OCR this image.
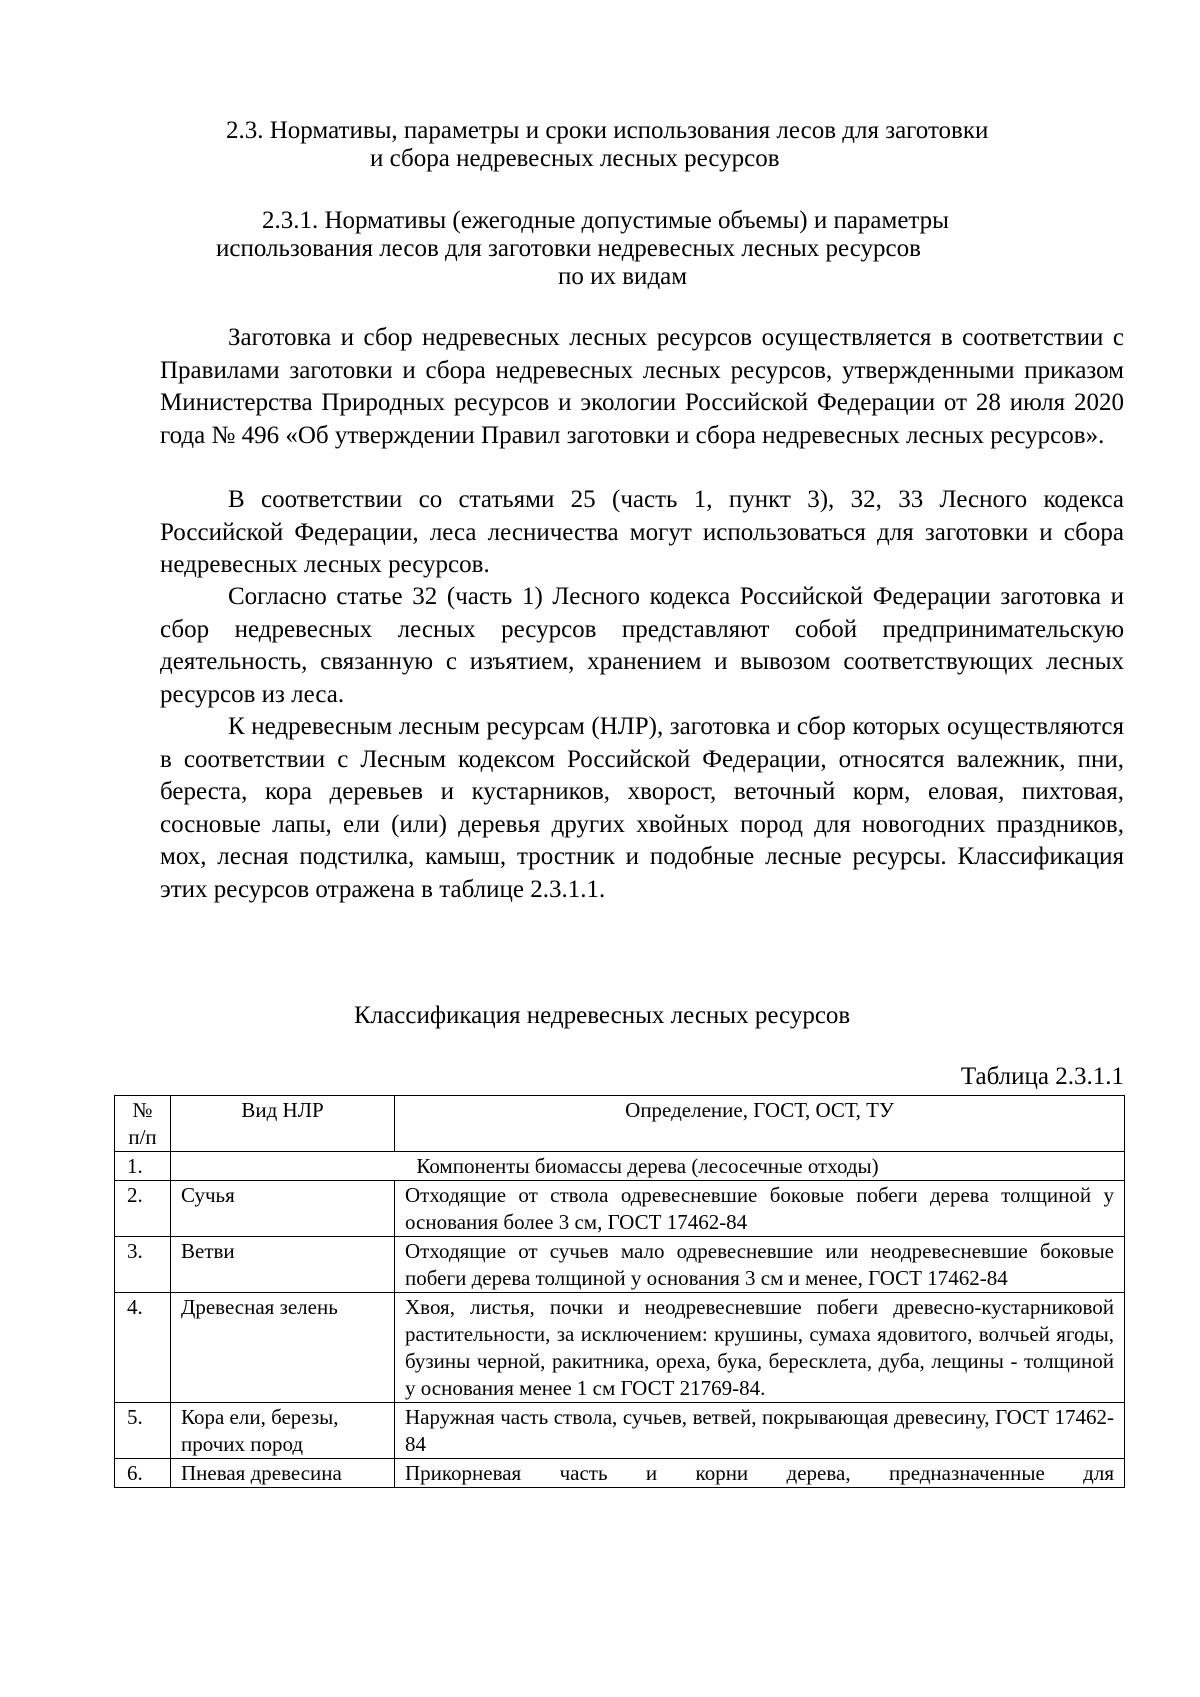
2.3. Нормативы, параметры и сроки использования лесов для заготовки
и сбора недревесных лесных ресурсов
2.3.1. Нормативы (ежегодные допустимые объемы) и параметры
использования лесов для заготовки недревесных лесных ресурсов
по их видам

Заготовка и сбор недревесных лесных ресурсов осуществляется в соответствии с Правилами заготовки и сбора недревесных лесных ресурсов, утвержденными приказом Министерства Природных ресурсов и экологии Российской Федерации от 28 июля 2020 года № 496 «Об утверждении Правил заготовки и сбора недревесных лесных ресурсов».

В соответствии со статьями 25 (часть 1, пункт 3), 32, 33 Лесного кодекса Российской Федерации, леса лесничества могут использоваться для заготовки и сбора недревесных лесных ресурсов.

Согласно статье 32 (часть 1) Лесного кодекса Российской Федерации заготовка и сбор недревесных лесных ресурсов представляют собой предпринимательскую деятельность, связанную с изъятием, хранением и вывозом соответствующих лесных ресурсов из леса.

К недревесным лесным ресурсам (НЛР), заготовка и сбор которых осуществляются в соответствии с Лесным кодексом Российской Федерации, относятся валежник, пни, береста, кора деревьев и кустарников, хворост, веточный корм, еловая, пихтовая, сосновые лапы, ели (или) деревья других хвойных пород для новогодних праздников, мох, лесная подстилка, камыш, тростник и подобные лесные ресурсы. Классификация этих ресурсов отражена в таблице 2.3.1.1.

Классификация недревесных лесных ресурсов
Таблица 2.3.1.1
№ п/п	Вид НЛР	Определение, ГОСТ, ОСТ, ТУ
1.	Компоненты биомассы дерева (лесосечные отходы)	
2.	Сучья	Отходящие от ствола одревесневшие боковые побеги дерева толщиной у основания более 3 см, ГОСТ 17462-84
3.	Ветви	Отходящие от сучьев мало одревесневшие или неодревесневшие боковые побеги дерева толщиной у основания 3 см и менее, ГОСТ 17462-84
4.	Древесная зелень	Хвоя, листья, почки и неодревесневшие побеги древесно-кустарниковой растительности, за исключением: крушины, сумаха ядовитого, волчьей ягоды, бузины черной, ракитника, ореха, бука, бересклета, дуба, лещины - толщиной у основания менее 1 см ГОСТ 21769-84.
5.	Кора ели, березы, прочих пород	Наружная часть ствола, сучьев, ветвей, покрывающая древесину, ГОСТ 17462-84
6.	Пневая древесина	Прикорневая часть и корни дерева, предназначенные для
